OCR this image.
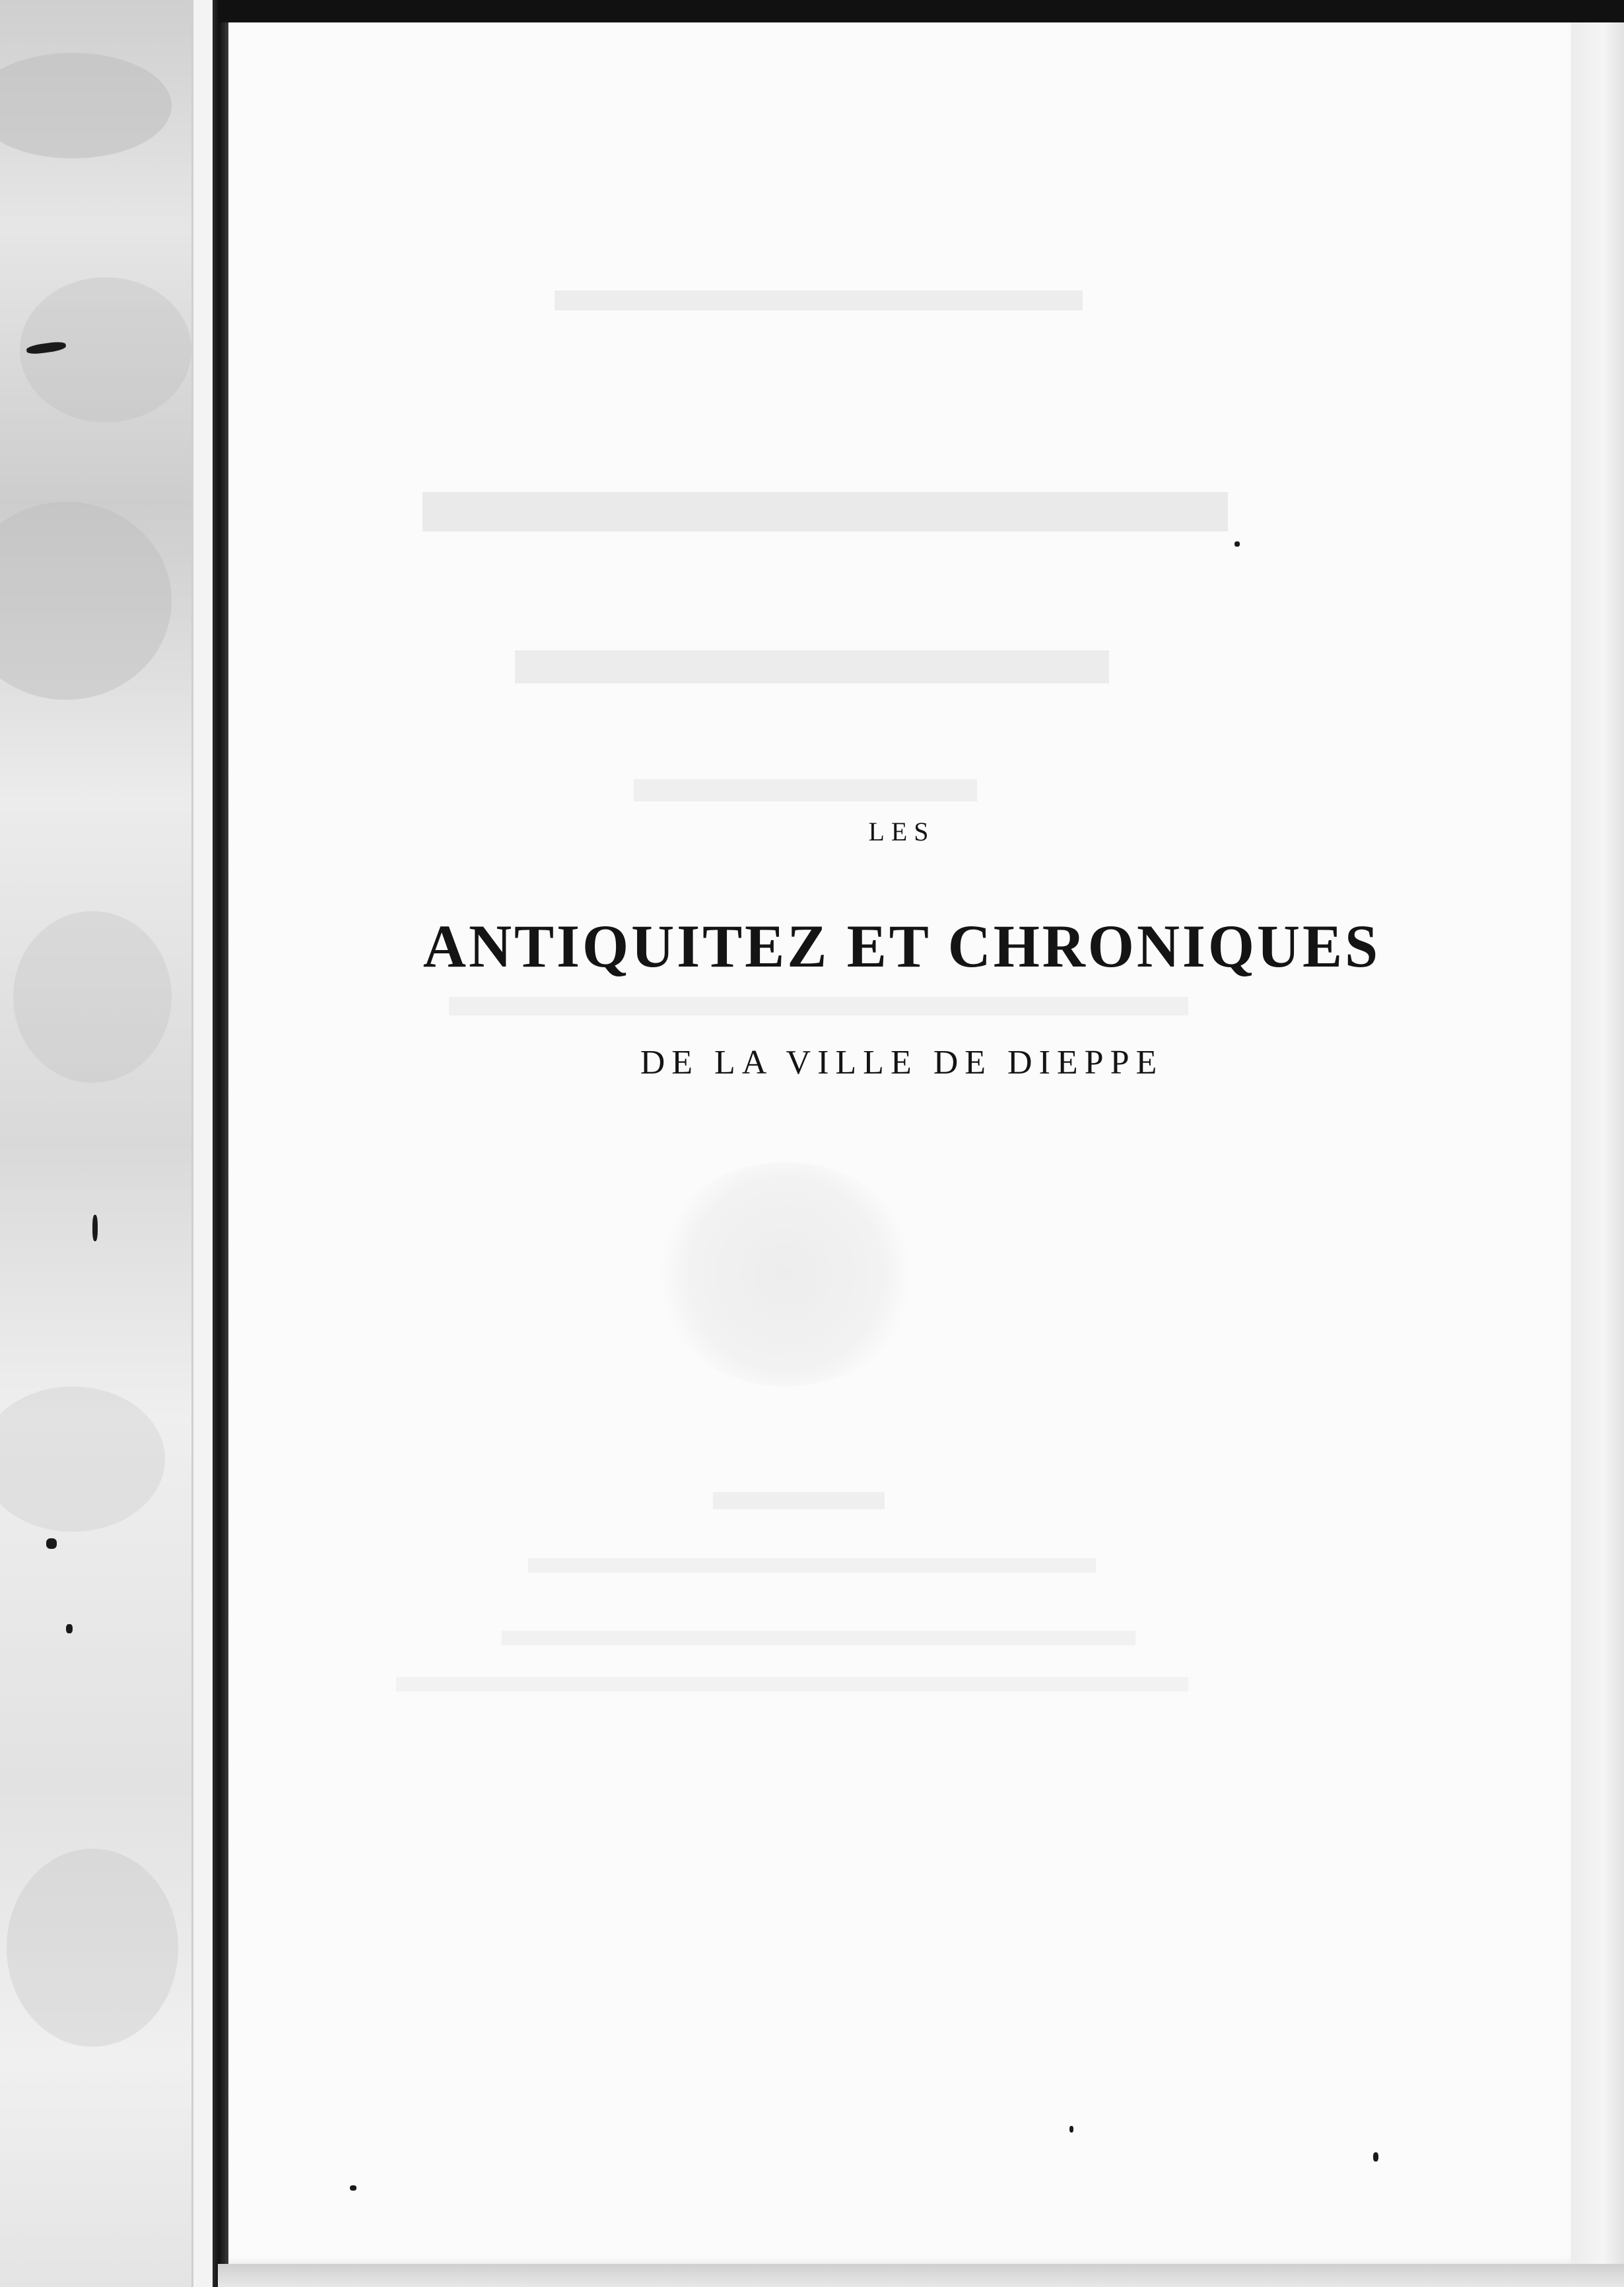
LES
ANTIQUITEZ ET CHRONIQUES
DE LA VILLE DE DIEPPE
